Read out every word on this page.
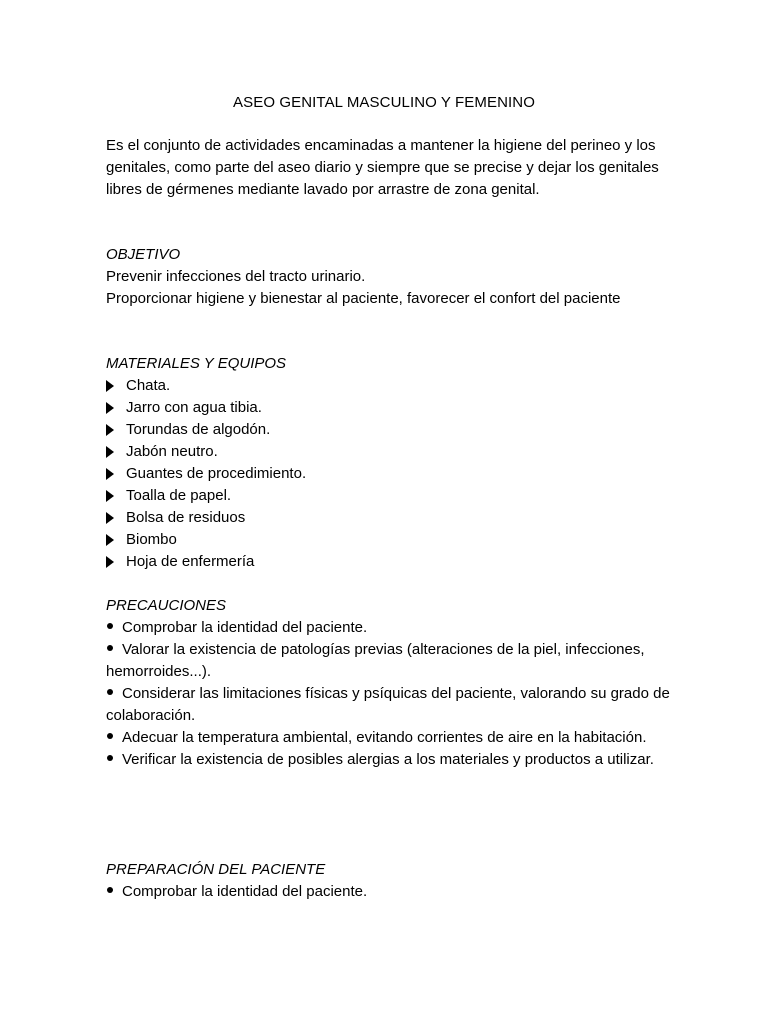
ASEO GENITAL MASCULINO Y FEMENINO

Es el conjunto de actividades encaminadas a mantener la higiene del perineo y los genitales, como parte del aseo diario y siempre que se precise y dejar los genitales libres de gérmenes mediante lavado por arrastre de zona genital.

OBJETIVO
Prevenir infecciones del tracto urinario.
Proporcionar higiene y bienestar al paciente, favorecer el confort del paciente
MATERIALES Y EQUIPOS
Chata.
Jarro con agua tibia.
Torundas de algodón.
Jabón neutro.
Guantes de procedimiento.
Toalla de papel.
Bolsa de residuos
Biombo
Hoja de enfermería
PRECAUCIONES
Comprobar la identidad del paciente.
Valorar la existencia de patologías previas (alteraciones de la piel, infecciones, hemorroides...).
Considerar las limitaciones físicas y psíquicas del paciente, valorando su grado de colaboración.
Adecuar la temperatura ambiental, evitando corrientes de aire en la habitación.
Verificar la existencia de posibles alergias a los materiales y productos a utilizar.
PREPARACIÓN DEL PACIENTE
Comprobar la identidad del paciente.
